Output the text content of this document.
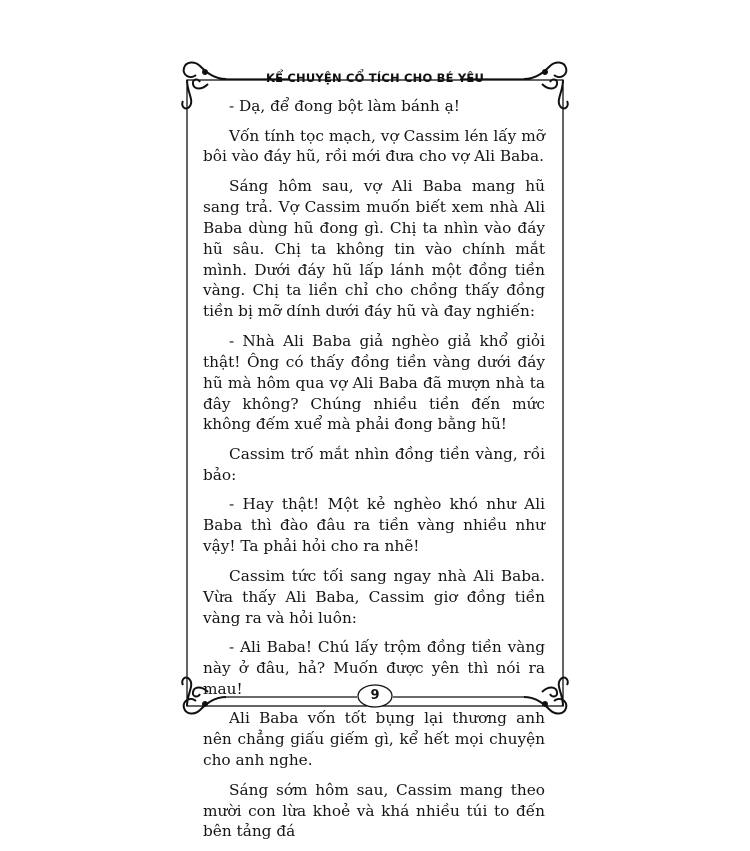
KỂ CHUYỆN CỔ TÍCH CHO BÉ YÊU

- Dạ, để đong bột làm bánh ạ!

Vốn tính tọc mạch, vợ Cassim lén lấy mỡ bôi vào đáy hũ, rồi mới đưa cho vợ Ali Baba.

Sáng hôm sau, vợ Ali Baba mang hũ sang trả. Vợ Cassim muốn biết xem nhà Ali Baba dùng hũ đong gì. Chị ta nhìn vào đáy hũ sâu. Chị ta không tin vào chính mắt mình. Dưới đáy hũ lấp lánh một đồng tiền vàng. Chị ta liền chỉ cho chồng thấy đồng tiền bị mỡ dính dưới đáy hũ và đay nghiến:

- Nhà Ali Baba giả nghèo giả khổ giỏi thật! Ông có thấy đồng tiền vàng dưới đáy hũ mà hôm qua vợ Ali Baba đã mượn nhà ta đây không? Chúng nhiều tiền đến mức không đếm xuể mà phải đong bằng hũ!

Cassim trố mắt nhìn đồng tiền vàng, rồi bảo:

- Hay thật! Một kẻ nghèo khó như Ali Baba thì đào đâu ra tiền vàng nhiều như vậy! Ta phải hỏi cho ra nhẽ!

Cassim tức tối sang ngay nhà Ali Baba. Vừa thấy Ali Baba, Cassim giơ đồng tiền vàng ra và hỏi luôn:

- Ali Baba! Chú lấy trộm đồng tiền vàng này ở đâu, hả? Muốn được yên thì nói ra mau!

Ali Baba vốn tốt bụng lại thương anh nên chẳng giấu giếm gì, kể hết mọi chuyện cho anh nghe.

Sáng sớm hôm sau, Cassim mang theo mười con lừa khoẻ và khá nhiều túi to đến bên tảng đá

9
